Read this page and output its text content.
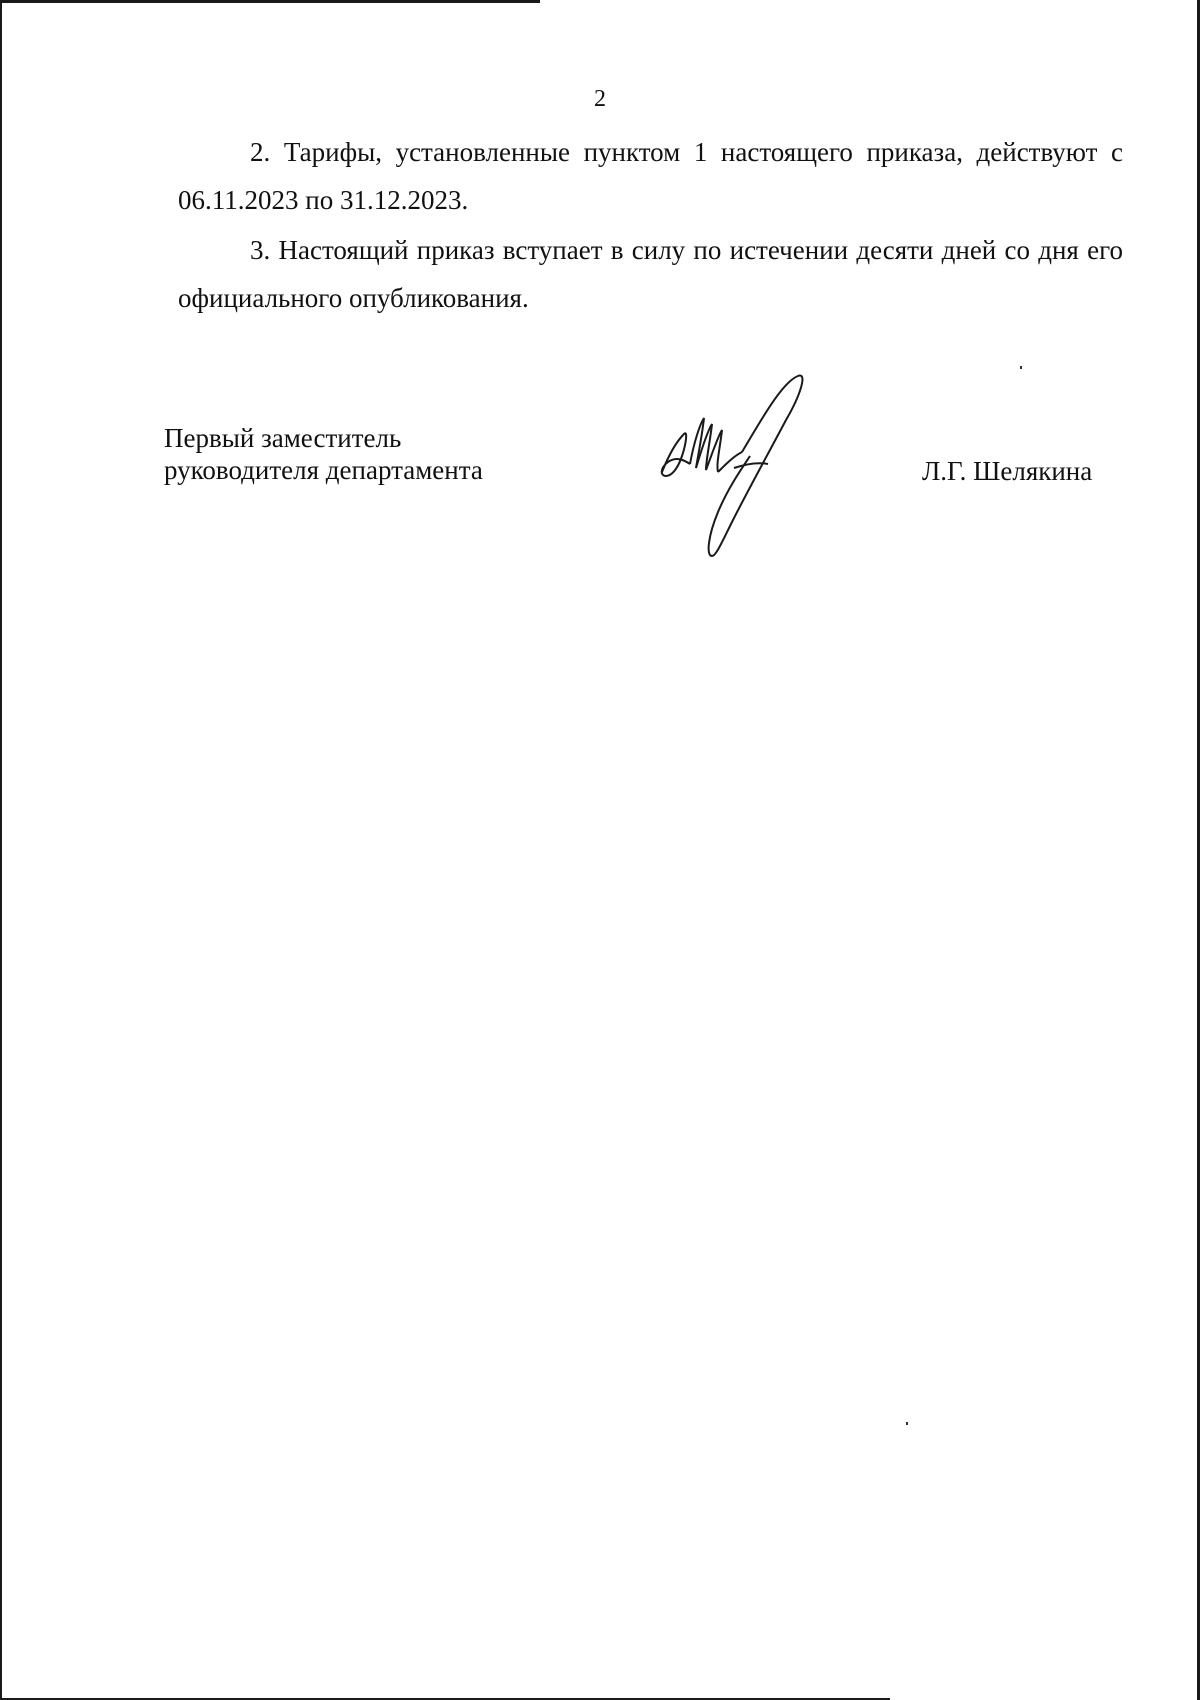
2

2. Тарифы, установленные пунктом 1 настоящего приказа, действуют с 06.11.2023 по 31.12.2023.

3. Настоящий приказ вступает в силу по истечении десяти дней со дня его официального опубликования.

Первый заместитель
руководителя департамента	Л.Г. Шелякина
